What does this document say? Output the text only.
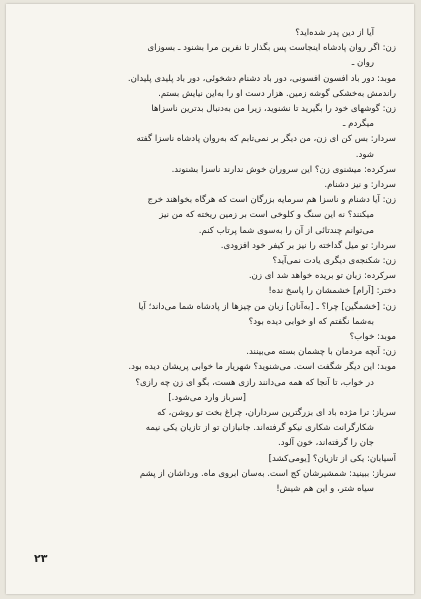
آیا از دین پدر شده‌اید؟
زن: اگر روان پادشاه اینجاست پس بگذار تا نفرین مرا بشنود ـ بسوزای
روان ـ
موبد: دور باد افسون افسونی، دور باد دشنام دشخوئی، دور باد پلیدی پلیدان.
راندمش به‌خشکی گوشه زمین. هزار دست او را به‌این نیایش بستم.
زن: گوشهای خود را بگیرید تا نشنوید، زیرا من به‌دنبال بدترین ناسزاها
میگردم ـ
سردار: بس کن ای زن، من دیگر بر نمی‌تابم که به‌روان پادشاه ناسزا گفته
شود.
سرکرده: میشنوی زن؟ این سروران خوش ندارند ناسزا بشنوند.
سردار: و نیز دشنام.
زن: آیا دشنام و ناسزا هم سرمایه بزرگان است که هرگاه بخواهند خرج
میکنند؟ نه این سنگ و کلوخی است بر زمین ریخته که من نیز
می‌توانم چندتائی از آن را به‌سوی شما پرتاب کنم.
سردار: تو میل گداخته را نیز بر کیفر خود افزودی.
زن: شکنجه‌ی دیگری یادت نمی‌آید؟
سرکرده: زبان تو بریده خواهد شد ای زن.
دختر: [آرام] خشمشان را پاسخ نده!
زن: [خشمگین] چرا؟ ـ [به‌آنان] زبان من چیزها از پادشاه شما می‌داند؛ آیا
به‌شما نگفتم که او خوابی دیده بود؟
موبد: خواب؟
زن: آنچه مردمان با چشمان بسته می‌بینند.
موبد: این دیگر شگفت است. می‌شنوید؟ شهریار ما خوابی پریشان دیده بود.
در خواب، تا آنجا که همه می‌دانند رازی هست، بگو ای زن چه رازی؟
[سرباز وارد می‌شود.]
سرباز: ترا مژده باد ای بزرگترین سرداران، چراغ بخت تو روشن، که
شکارگرانت شکاری نیکو گرفته‌اند. جانبازان تو از تازیان یکی نیمه
جان را گرفته‌اند، خون آلود.
آسیابان: یکی از تازیان؟ [یومی‌کشد]
سرباز: ببینید: شمشیرشان کج است. به‌سان ابروی ماه. ورداشان از پشم
سیاه شتر، و این هم شیش!
۲۳
